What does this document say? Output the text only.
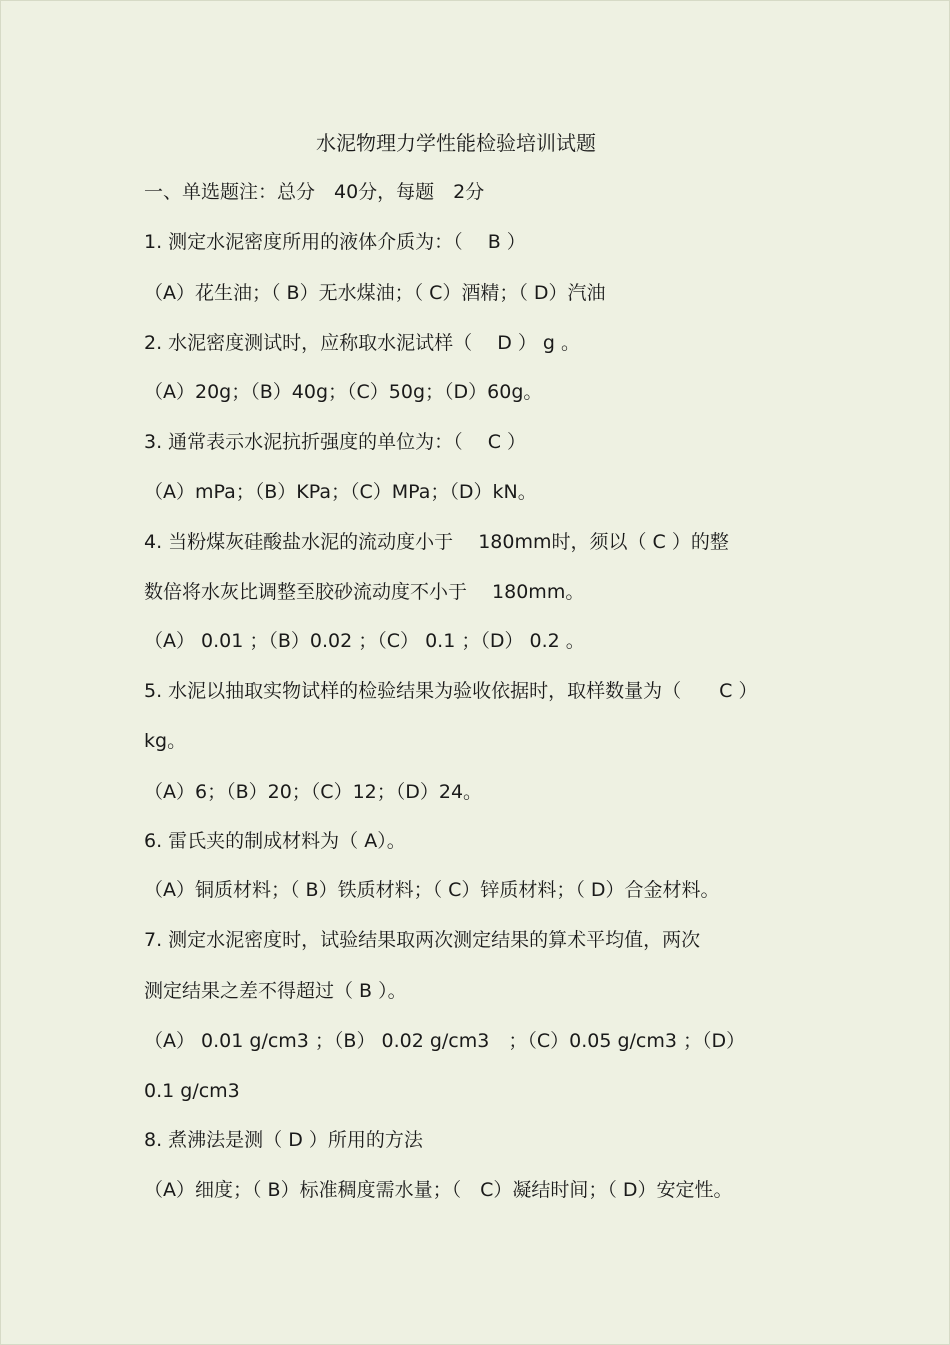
水泥物理力学性能检验培训试题
一、单选题注：总分　40分，每题　2分
1. 测定水泥密度所用的液体介质为：（　 B ）
（A）花生油；（ B）无水煤油；（ C）酒精；（ D）汽油
2. 水泥密度测试时，应称取水泥试样（　 D ） g 。
（A）20g；（B）40g；（C）50g；（D）60g。
3. 通常表示水泥抗折强度的单位为：（　 C ）
（A）mPa；（B）KPa；（C）MPa；（D）kN。
4. 当粉煤灰硅酸盐水泥的流动度小于　 180mm时，须以（ C ）的整
数倍将水灰比调整至胶砂流动度不小于　 180mm。
（A） 0.01 ；（B）0.02 ；（C） 0.1 ；（D） 0.2 。
5. 水泥以抽取实物试样的检验结果为验收依据时，取样数量为（　　C ）
kg。
（A）6；（B）20；（C）12；（D）24。
6. 雷氏夹的制成材料为（ A）。
（A）铜质材料；（ B）铁质材料；（ C）锌质材料；（ D）合金材料。
7. 测定水泥密度时，试验结果取两次测定结果的算术平均值，两次
测定结果之差不得超过（ B ）。
（A） 0.01 g/cm3 ；（B） 0.02 g/cm3　；（C）0.05 g/cm3 ；（D）
0.1 g/cm3
8. 煮沸法是测（ D ）所用的方法
（A）细度；（ B）标准稠度需水量；（　C）凝结时间；（ D）安定性。
